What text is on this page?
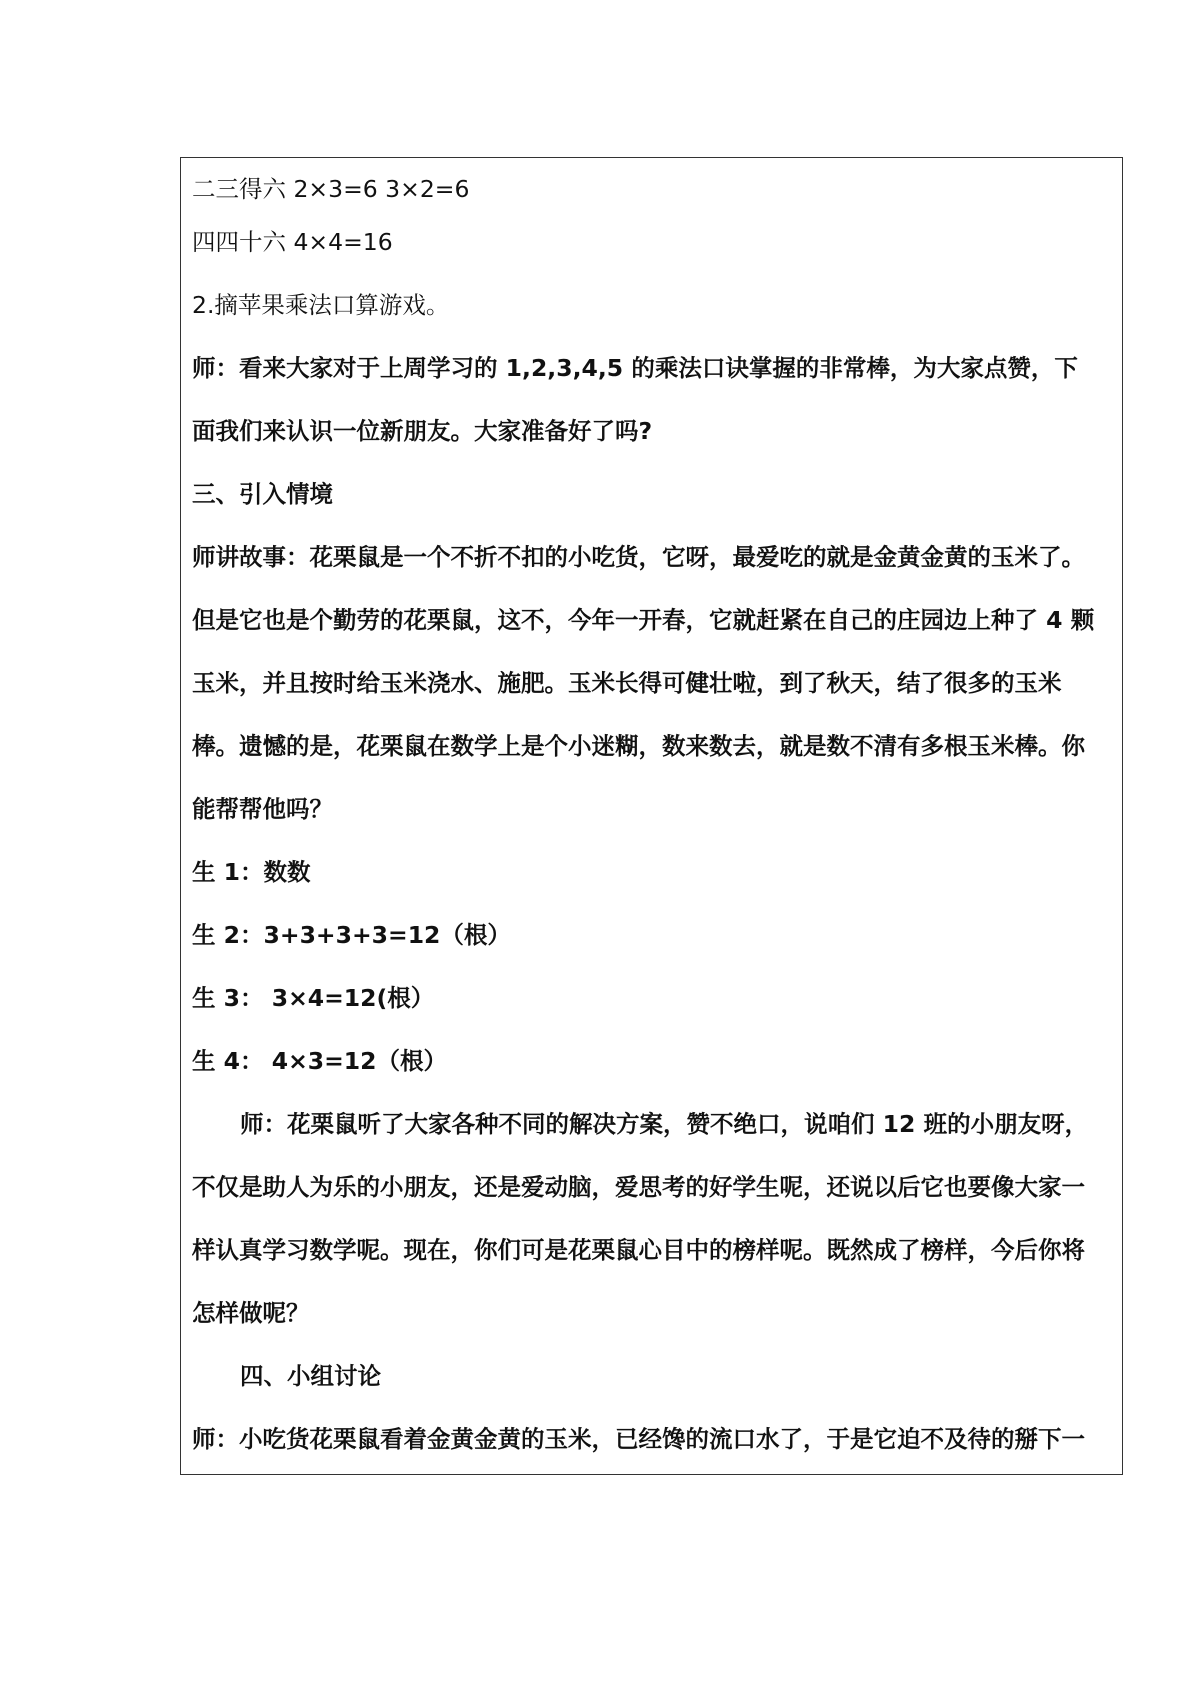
二三得六 2×3=6 3×2=6
四四十六 4×4=16
2.摘苹果乘法口算游戏。
师：看来大家对于上周学习的 1,2,3,4,5 的乘法口诀掌握的非常棒，为大家点赞，下
面我们来认识一位新朋友。大家准备好了吗?
三、引入情境
师讲故事：花栗鼠是一个不折不扣的小吃货，它呀，最爱吃的就是金黄金黄的玉米了。
但是它也是个勤劳的花栗鼠，这不，今年一开春，它就赶紧在自己的庄园边上种了 4 颗
玉米，并且按时给玉米浇水、施肥。玉米长得可健壮啦，到了秋天，结了很多的玉米
棒。遗憾的是，花栗鼠在数学上是个小迷糊，数来数去，就是数不清有多根玉米棒。你
能帮帮他吗？
生 1：数数
生 2：3+3+3+3=12（根）
生 3： 3×4=12(根）
生 4： 4×3=12（根）
师：花栗鼠听了大家各种不同的解决方案，赞不绝口，说咱们 12 班的小朋友呀，
不仅是助人为乐的小朋友，还是爱动脑，爱思考的好学生呢，还说以后它也要像大家一
样认真学习数学呢。现在，你们可是花栗鼠心目中的榜样呢。既然成了榜样，今后你将
怎样做呢？
四、小组讨论
师：小吃货花栗鼠看着金黄金黄的玉米，已经馋的流口水了，于是它迫不及待的掰下一
